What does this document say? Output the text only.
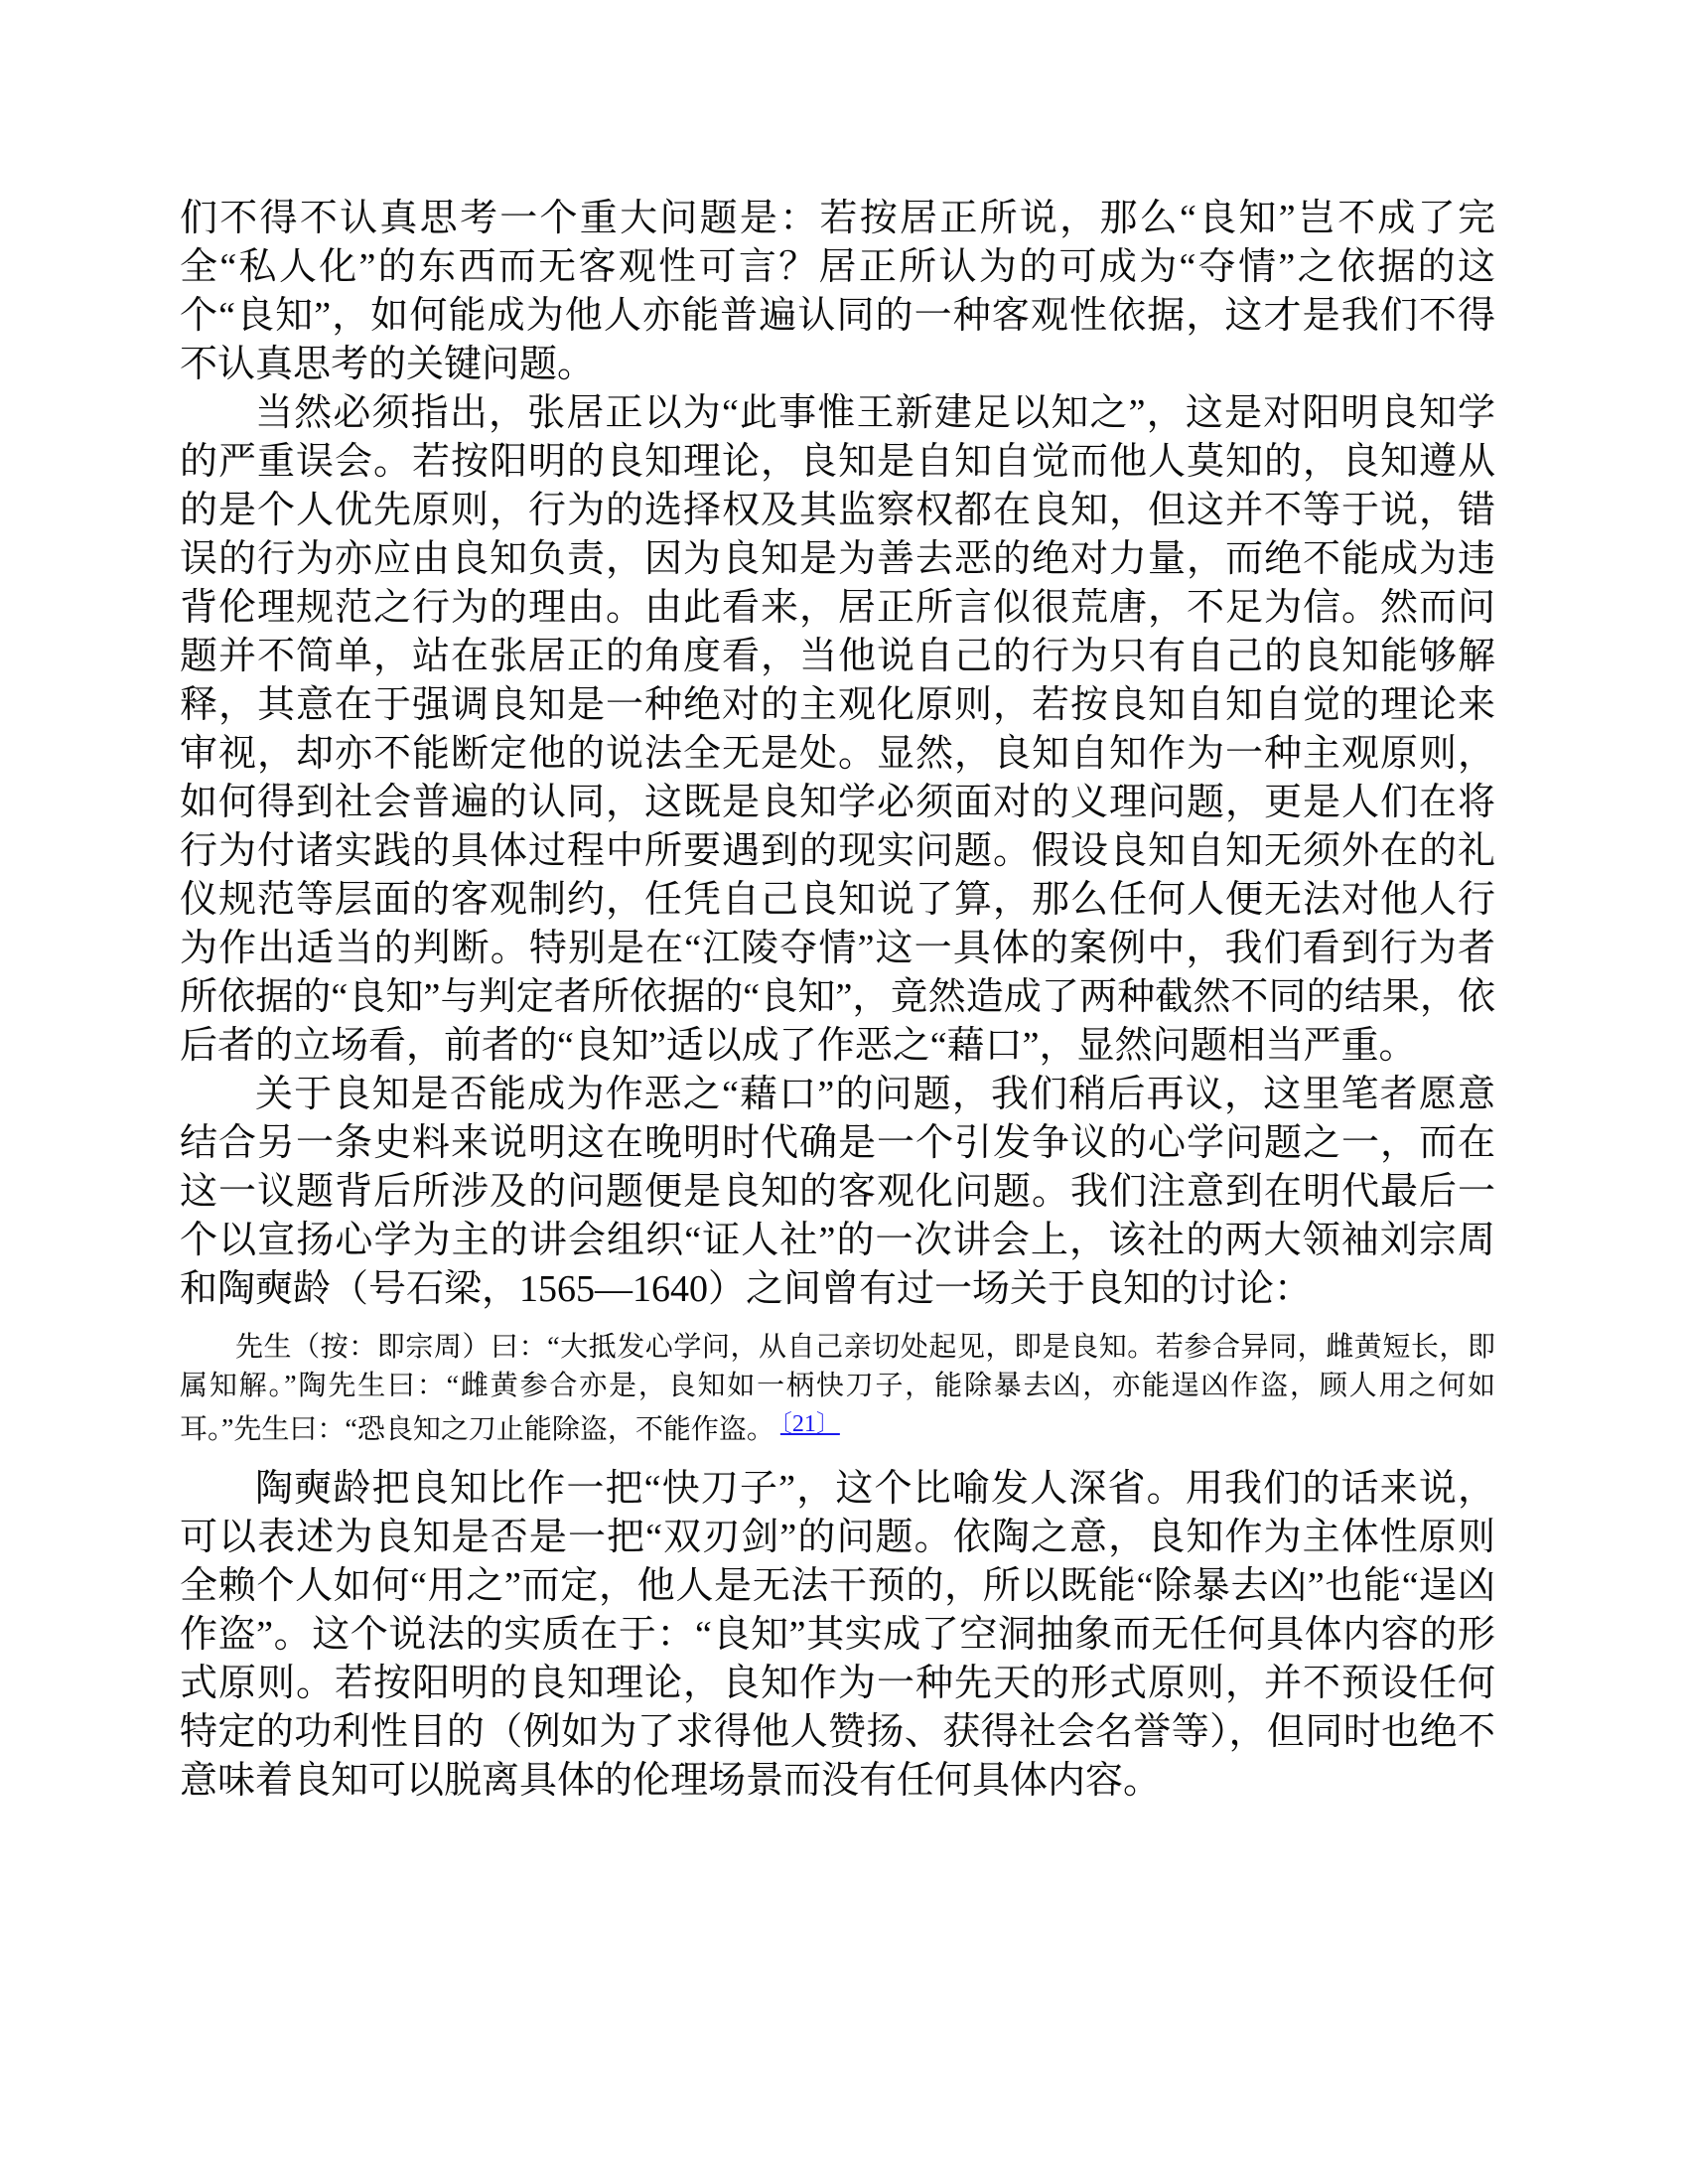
们不得不认真思考一个重大问题是：若按居正所说，那么“良知”岂不成了完全“私人化”的东西而无客观性可言？居正所认为的可成为“夺情”之依据的这个“良知”，如何能成为他人亦能普遍认同的一种客观性依据，这才是我们不得不认真思考的关键问题。

当然必须指出，张居正以为“此事惟王新建足以知之”，这是对阳明良知学的严重误会。若按阳明的良知理论，良知是自知自觉而他人莫知的，良知遵从的是个人优先原则，行为的选择权及其监察权都在良知，但这并不等于说，错误的行为亦应由良知负责，因为良知是为善去恶的绝对力量，而绝不能成为违背伦理规范之行为的理由。由此看来，居正所言似很荒唐，不足为信。然而问题并不简单，站在张居正的角度看，当他说自己的行为只有自己的良知能够解释，其意在于强调良知是一种绝对的主观化原则，若按良知自知自觉的理论来审视，却亦不能断定他的说法全无是处。显然，良知自知作为一种主观原则，如何得到社会普遍的认同，这既是良知学必须面对的义理问题，更是人们在将行为付诸实践的具体过程中所要遇到的现实问题。假设良知自知无须外在的礼仪规范等层面的客观制约，任凭自己良知说了算，那么任何人便无法对他人行为作出适当的判断。特别是在“江陵夺情”这一具体的案例中，我们看到行为者所依据的“良知”与判定者所依据的“良知”，竟然造成了两种截然不同的结果，依后者的立场看，前者的“良知”适以成了作恶之“藉口”，显然问题相当严重。

关于良知是否能成为作恶之“藉口”的问题，我们稍后再议，这里笔者愿意结合另一条史料来说明这在晚明时代确是一个引发争议的心学问题之一，而在这一议题背后所涉及的问题便是良知的客观化问题。我们注意到在明代最后一个以宣扬心学为主的讲会组织“证人社”的一次讲会上，该社的两大领袖刘宗周和陶奭龄（号石梁，1565—1640）之间曾有过一场关于良知的讨论：

先生（按：即宗周）曰：“大抵发心学问，从自己亲切处起见，即是良知。若参合异同，雌黄短长，即属知解。”陶先生曰：“雌黄参合亦是，良知如一柄快刀子，能除暴去凶，亦能逞凶作盗，顾人用之何如耳。”先生曰：“恐良知之刀止能除盗，不能作盗。 〔21〕

陶奭龄把良知比作一把“快刀子”，这个比喻发人深省。用我们的话来说，可以表述为良知是否是一把“双刃剑”的问题。依陶之意，良知作为主体性原则全赖个人如何“用之”而定，他人是无法干预的，所以既能“除暴去凶”也能“逞凶作盗”。这个说法的实质在于：“良知”其实成了空洞抽象而无任何具体内容的形式原则。若按阳明的良知理论，良知作为一种先天的形式原则，并不预设任何特定的功利性目的（例如为了求得他人赞扬、获得社会名誉等），但同时也绝不意味着良知可以脱离具体的伦理场景而没有任何具体内容。
